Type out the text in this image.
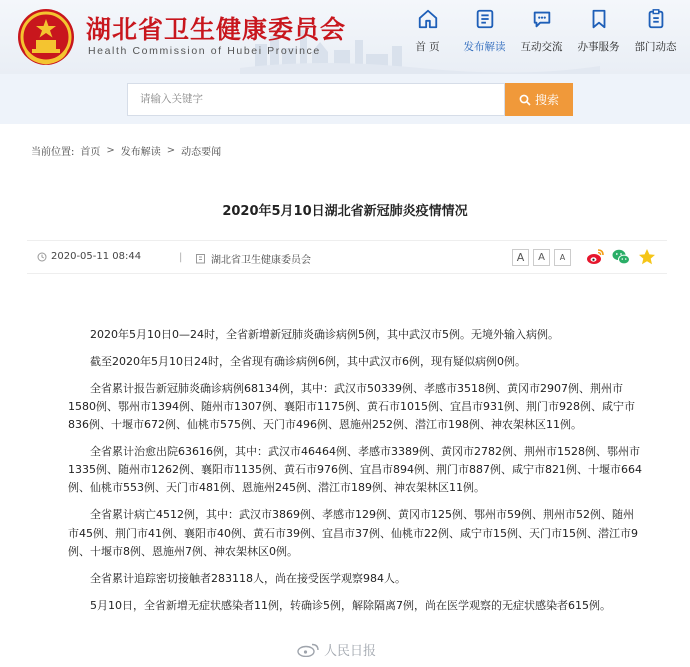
湖北省卫生健康委员会
Health Commission of Hubei Province	首 页 发布解读 互动交流 办事服务 部门动态
请输入关键字	搜索
当前位置: 首页 > 发布解读 > 动态要闻
2020年5月10日湖北省新冠肺炎疫情情况
2020-05-11 08:44	|	湖北省卫生健康委员会	A	A	A

2020年5月10日0—24时，全省新增新冠肺炎确诊病例5例，其中武汉市5例。无境外输入病例。

截至2020年5月10日24时，全省现有确诊病例6例，其中武汉市6例，现有疑似病例0例。

全省累计报告新冠肺炎确诊病例68134例，其中：武汉市50339例、孝感市3518例、黄冈市2907例、荆州市1580例、鄂州市1394例、随州市1307例、襄阳市1175例、黄石市1015例、宜昌市931例、荆门市928例、咸宁市836例、十堰市672例、仙桃市575例、天门市496例、恩施州252例、潜江市198例、神农架林区11例。

全省累计治愈出院63616例，其中：武汉市46464例、孝感市3389例、黄冈市2782例、荆州市1528例、鄂州市1335例、随州市1262例、襄阳市1135例、黄石市976例、宜昌市894例、荆门市887例、咸宁市821例、十堰市664例、仙桃市553例、天门市481例、恩施州245例、潜江市189例、神农架林区11例。

全省累计病亡4512例，其中：武汉市3869例、孝感市129例、黄冈市125例、鄂州市59例、荆州市52例、随州市45例、荆门市41例、襄阳市40例、黄石市39例、宜昌市37例、仙桃市22例、咸宁市15例、天门市15例、潜江市9例、十堰市8例、恩施州7例、神农架林区0例。

全省累计追踪密切接触者283118人，尚在接受医学观察984人。

5月10日，全省新增无症状感染者11例，转确诊5例，解除隔离7例，尚在医学观察的无症状感染者615例。

人民日报
